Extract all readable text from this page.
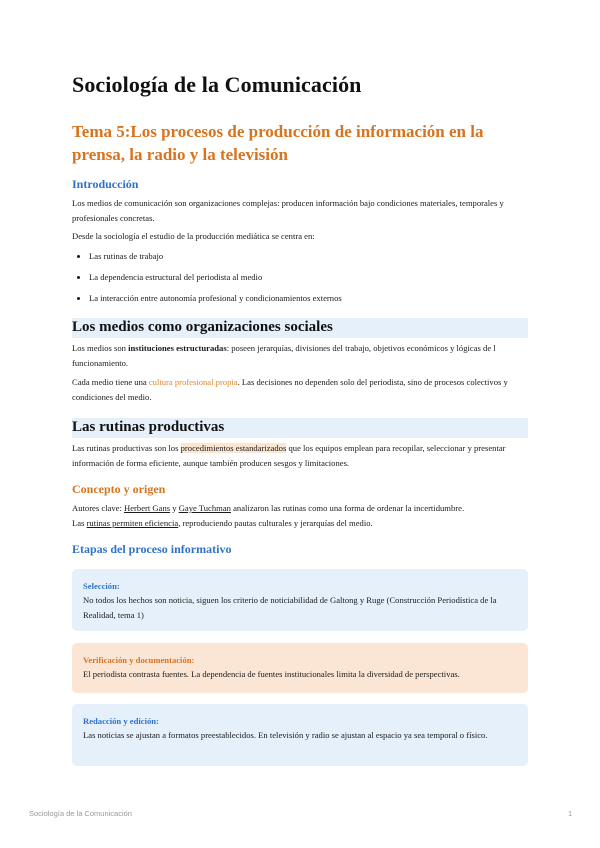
Sociología de la Comunicación
Tema 5:Los procesos de producción de información en la prensa, la radio y la televisión
Introducción

Los medios de comunicación son organizaciones complejas: producen información bajo condiciones materiales, temporales y profesionales concretas.

Desde la sociología el estudio de la producción mediática se centra en:

Las rutinas de trabajo
La dependencia estructural del periodista al medio
La interacción entre autonomía profesional y condicionamientos externos
Los medios como organizaciones sociales

Los medios son instituciones estructuradas: poseen jerarquías, divisiones del trabajo, objetivos económicos y lógicas de l funcionamiento.

Cada medio tiene una cultura profesional propia. Las decisiones no dependen solo del periodista, sino de procesos colectivos y condiciones del medio.

Las rutinas productivas

Las rutinas productivas son los procedimientos estandarizados que los equipos emplean para recopilar, seleccionar y presentar información de forma eficiente, aunque también producen sesgos y limitaciones.

Concepto y origen

Autores clave: Herbert Gans y Gaye Tuchman analizaron las rutinas como una forma de ordenar la incertidumbre.

Las rutinas permiten eficiencia, reproduciendo pautas culturales y jerarquías del medio.

Etapas del proceso informativo
Selección:
No todos los hechos son noticia, siguen los criterio de noticiabilidad de Galtong y Ruge (Construcción Periodística de la Realidad, tema 1)
Verificación y documentación:
El periodista contrasta fuentes. La dependencia de fuentes institucionales limita la diversidad de perspectivas.
Redacción y edición:
Las noticias se ajustan a formatos preestablecidos. En televisión y radio se ajustan al espacio ya sea temporal o físico.
Sociología de la Comunicación	1
